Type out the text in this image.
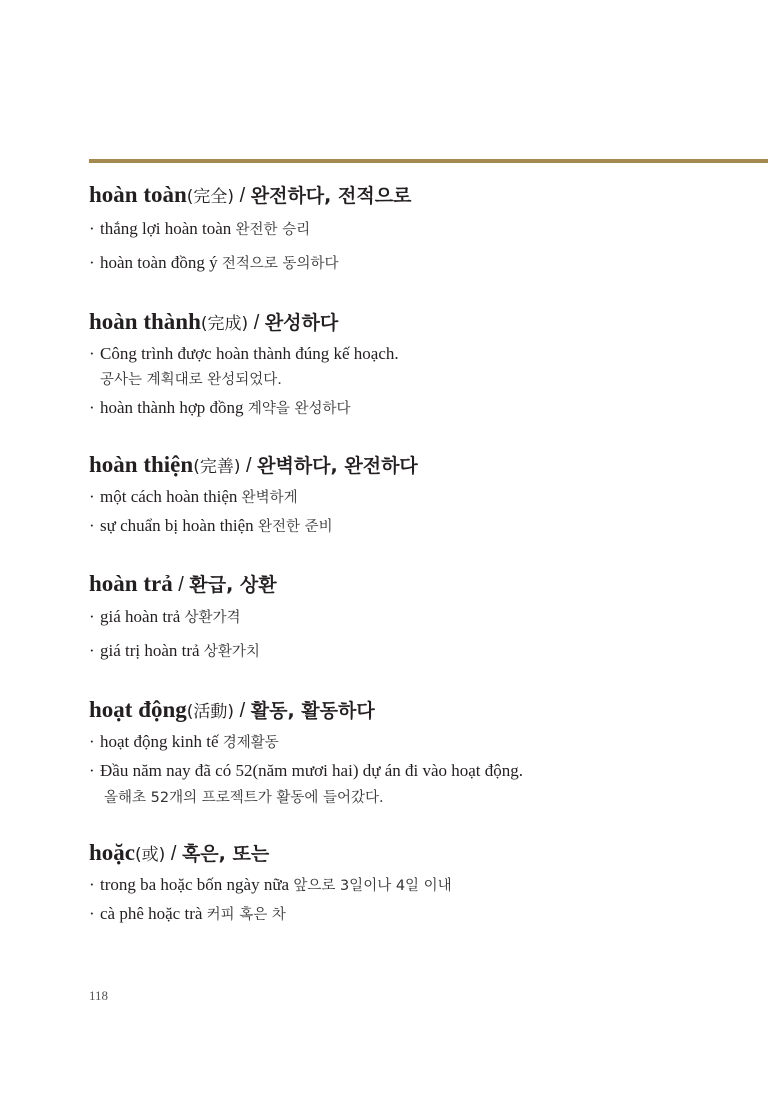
hoàn toàn(完全) / 완전하다, 전적으로
· thắng lợi hoàn toàn 완전한 승리
· hoàn toàn đồng ý 전적으로 동의하다
hoàn thành(完成) / 완성하다
· Công trình được hoàn thành đúng kế hoạch.
공사는 계획대로 완성되었다.
· hoàn thành hợp đồng 계약을 완성하다
hoàn thiện(完善) / 완벽하다, 완전하다
· một cách hoàn thiện 완벽하게
· sự chuẩn bị hoàn thiện 완전한 준비
hoàn trả / 환급, 상환
· giá hoàn trả 상환가격
· giá trị hoàn trả 상환가치
hoạt động(活動) / 활동, 활동하다
· hoạt động kinh tế 경제활동
· Đầu năm nay đã có 52(năm mươi hai) dự án đi vào hoạt động.
올해초 52개의 프로젝트가 활동에 들어갔다.
hoặc(或) / 혹은, 또는
· trong ba hoặc bốn ngày nữa 앞으로 3일이나 4일 이내
· cà phê hoặc trà 커피 혹은 차
118
